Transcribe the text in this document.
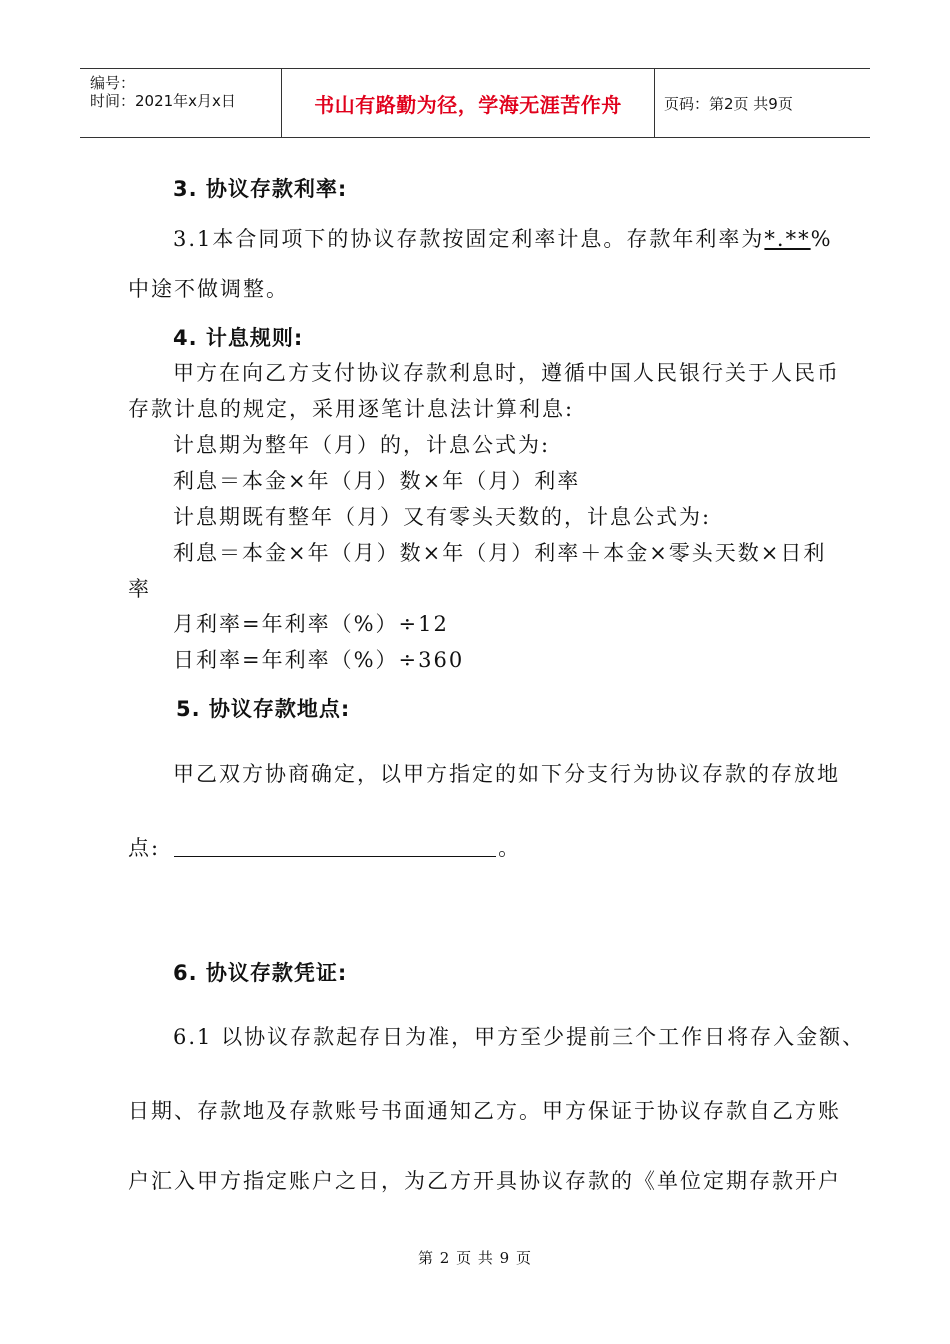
编号：
时间：2021年x月x日	书山有路勤为径，学海无涯苦作舟	页码：第2页 共9页
3. 协议存款利率:
3.1本合同项下的协议存款按固定利率计息。存款年利率为*.**%
中途不做调整。
4. 计息规则:
甲方在向乙方支付协议存款利息时，遵循中国人民银行关于人民币
存款计息的规定，采用逐笔计息法计算利息:
计息期为整年（月）的，计息公式为:
利息＝本金×年（月）数×年（月）利率
计息期既有整年（月）又有零头天数的，计息公式为:
利息＝本金×年（月）数×年（月）利率＋本金×零头天数×日利
率
月利率=年利率（%）÷12
日利率=年利率（%）÷360
5. 协议存款地点:
甲乙双方协商确定，以甲方指定的如下分支行为协议存款的存放地
点:	。
6. 协议存款凭证:
6.1 以协议存款起存日为准，甲方至少提前三个工作日将存入金额、
日期、存款地及存款账号书面通知乙方。甲方保证于协议存款自乙方账
户汇入甲方指定账户之日，为乙方开具协议存款的《单位定期存款开户
第 2 页 共 9 页
